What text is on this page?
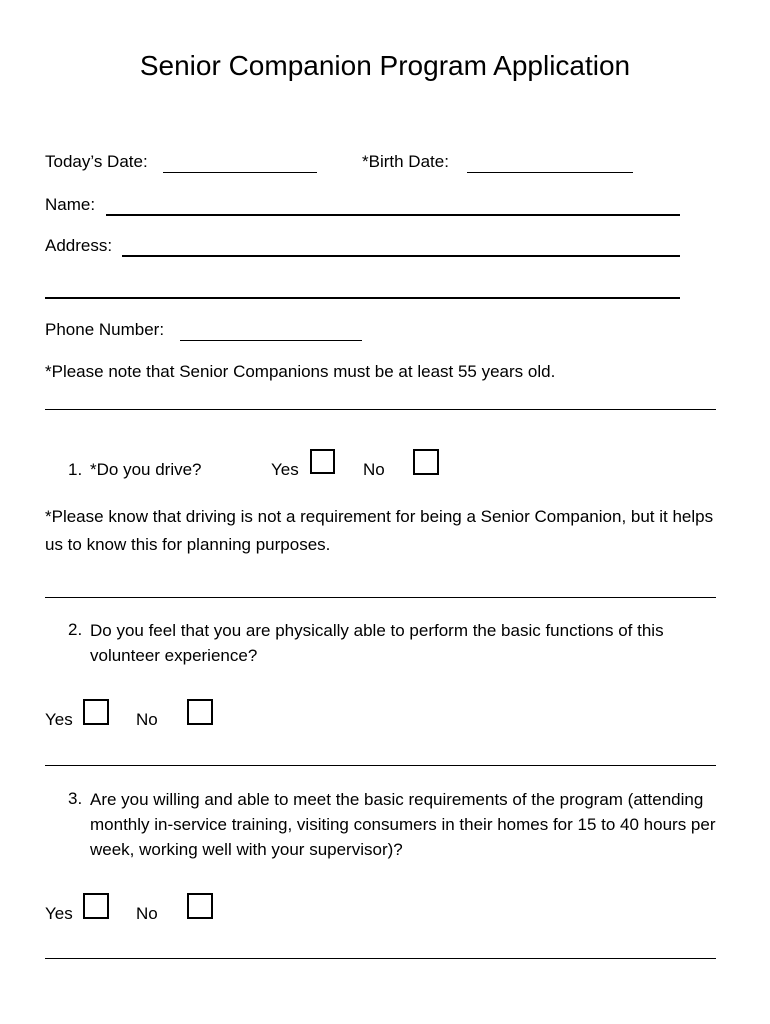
Senior Companion Program Application
Today’s Date:	*Birth Date:
Name:
Address:
Phone Number:
*Please note that Senior Companions must be at least 55 years old.
1. *Do you drive?	Yes	No
*Please know that driving is not a requirement for being a Senior Companion, but it helps us to know this for planning purposes.
2. Do you feel that you are physically able to perform the basic functions of this volunteer experience?
Yes	No
3. Are you willing and able to meet the basic requirements of the program (attending monthly in-service training, visiting consumers in their homes for 15 to 40 hours per week, working well with your supervisor)?
Yes	No
